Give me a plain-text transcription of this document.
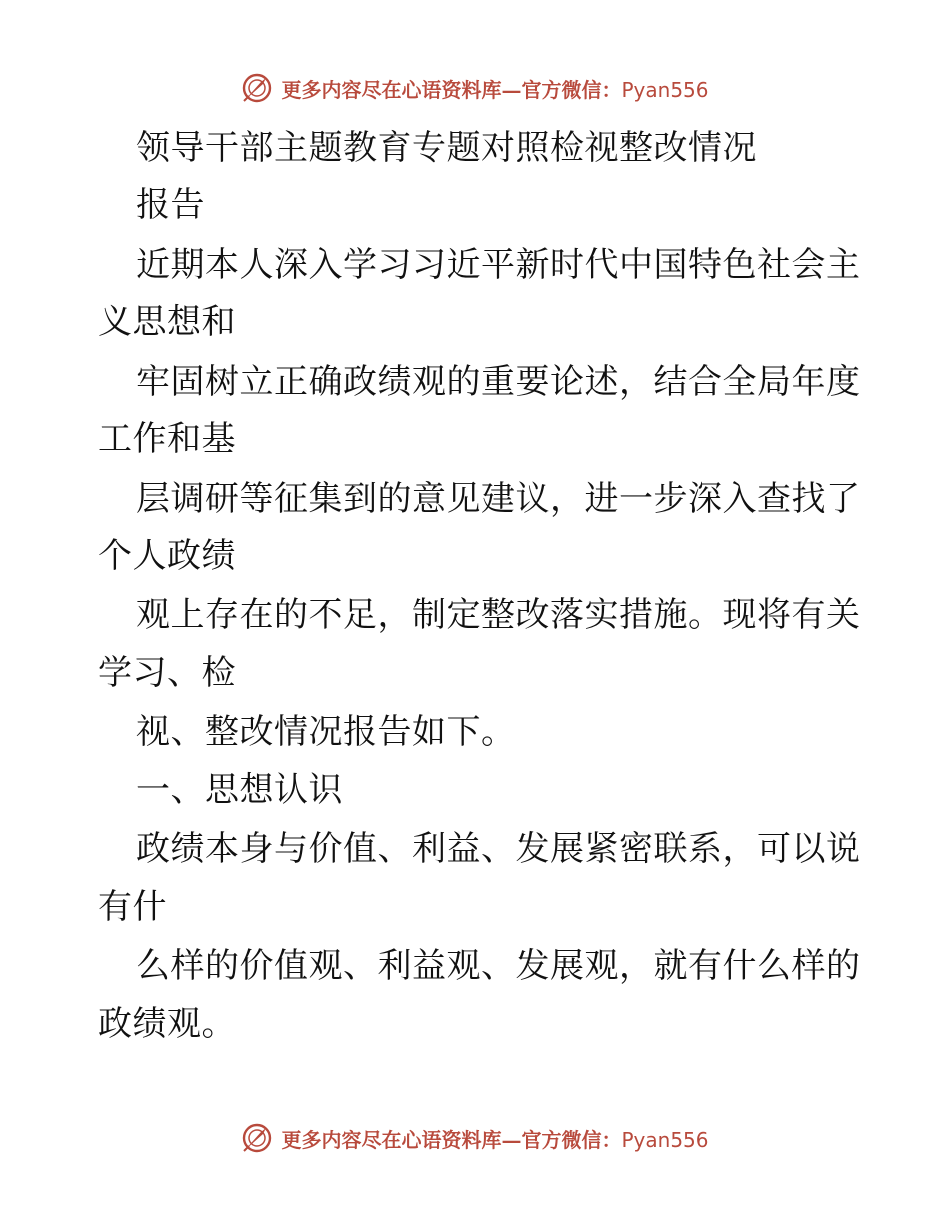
更多内容尽在心语资料库—官方微信：Pyan556
领导干部主题教育专题对照检视整改情况
报告
近期本人深入学习习近平新时代中国特色社会主
义思想和
牢固树立正确政绩观的重要论述，结合全局年度
工作和基
层调研等征集到的意见建议，进一步深入查找了
个人政绩
观上存在的不足，制定整改落实措施。现将有关
学习、检
视、整改情况报告如下。
一、思想认识
政绩本身与价值、利益、发展紧密联系，可以说
有什
么样的价值观、利益观、发展观，就有什么样的
政绩观。
更多内容尽在心语资料库—官方微信：Pyan556
